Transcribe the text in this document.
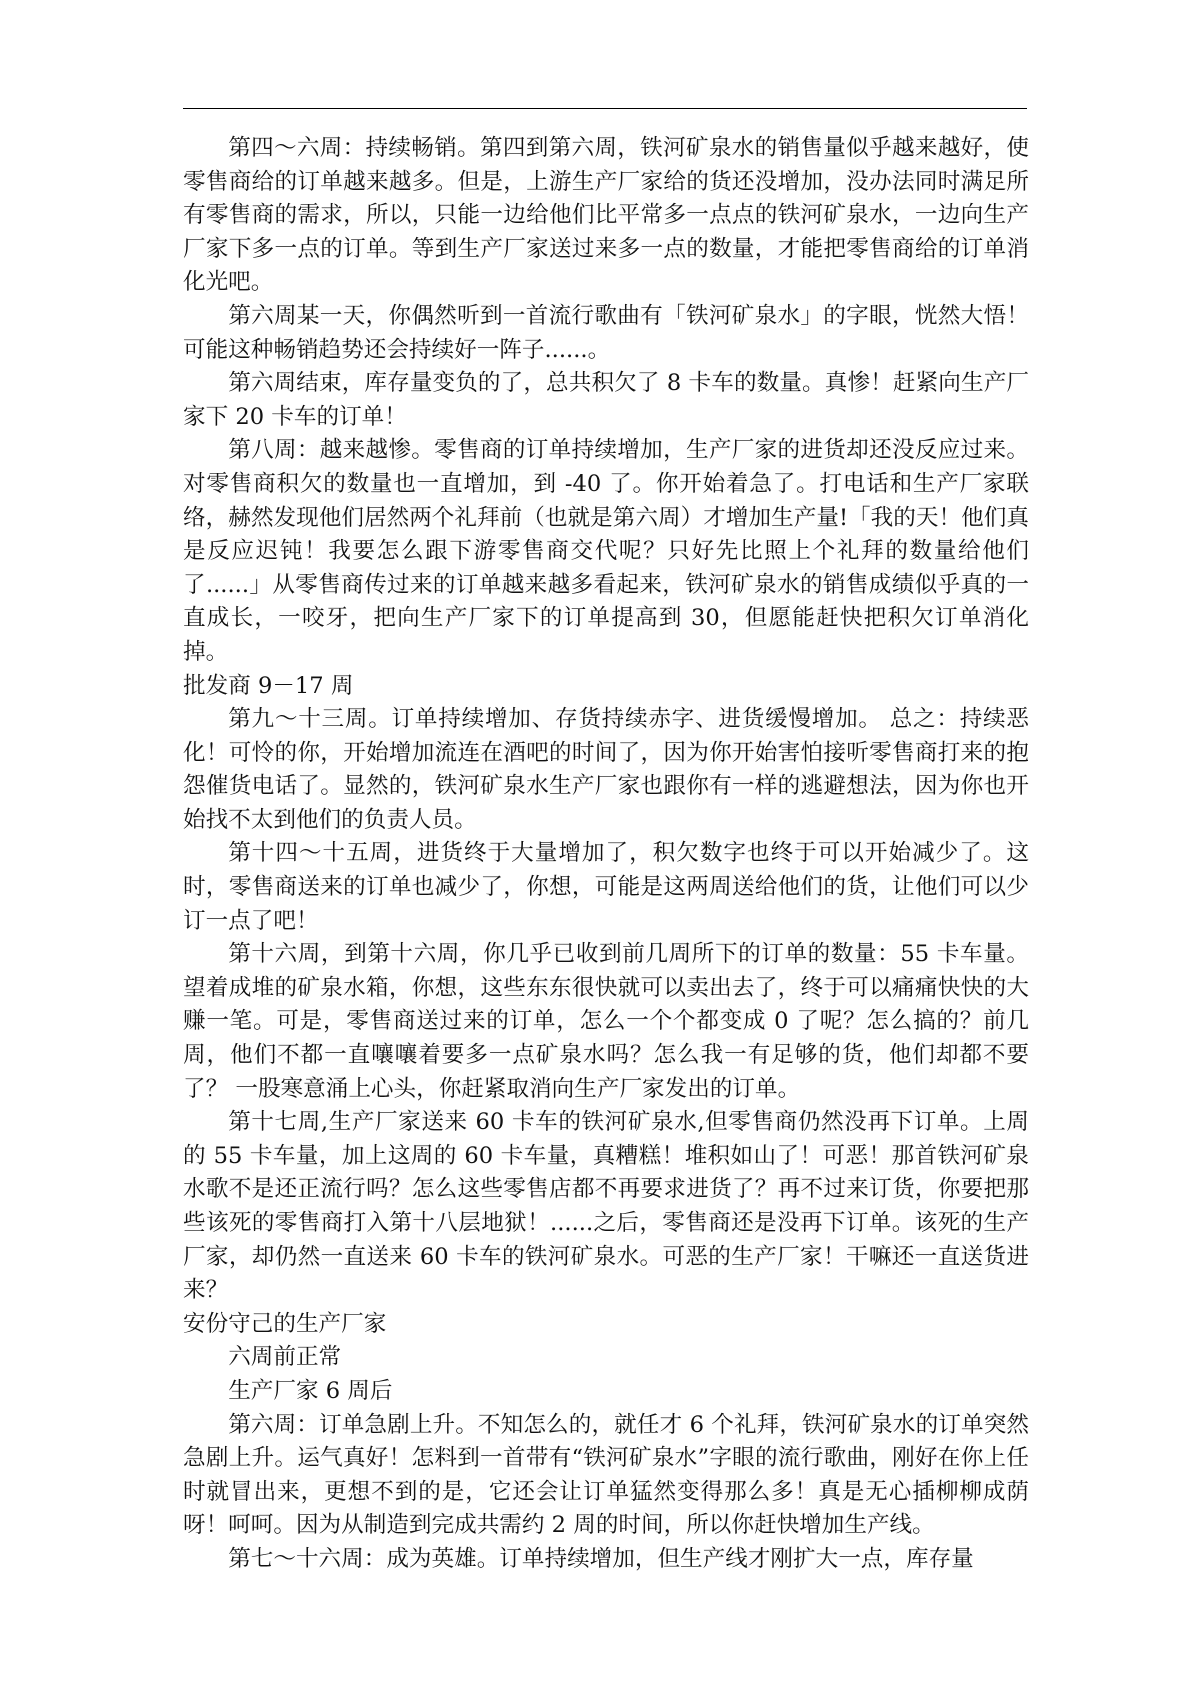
第四～六周：持续畅销。第四到第六周，铁河矿泉水的销售量似乎越来越好，使零售商给的订单越来越多。但是，上游生产厂家给的货还没增加，没办法同时满足所有零售商的需求，所以，只能一边给他们比平常多一点点的铁河矿泉水，一边向生产厂家下多一点的订单。等到生产厂家送过来多一点的数量，才能把零售商给的订单消化光吧。

第六周某一天，你偶然听到一首流行歌曲有「铁河矿泉水」的字眼，恍然大悟！可能这种畅销趋势还会持续好一阵子......。

第六周结束，库存量变负的了，总共积欠了 8 卡车的数量。真惨！赶紧向生产厂家下 20 卡车的订单！

第八周：越来越惨。零售商的订单持续增加，生产厂家的进货却还没反应过来。对零售商积欠的数量也一直增加，到 -40 了。你开始着急了。打电话和生产厂家联络，赫然发现他们居然两个礼拜前（也就是第六周）才增加生产量!「我的天！他们真是反应迟钝！我要怎么跟下游零售商交代呢？只好先比照上个礼拜的数量给他们了......」从零售商传过来的订单越来越多看起来，铁河矿泉水的销售成绩似乎真的一直成长，一咬牙，把向生产厂家下的订单提高到 30，但愿能赶快把积欠订单消化掉。

批发商 9－17 周

第九～十三周。订单持续增加、存货持续赤字、进货缓慢增加。 总之：持续恶化！可怜的你，开始增加流连在酒吧的时间了，因为你开始害怕接听零售商打来的抱怨催货电话了。显然的，铁河矿泉水生产厂家也跟你有一样的逃避想法，因为你也开始找不太到他们的负责人员。

第十四～十五周，进货终于大量增加了，积欠数字也终于可以开始减少了。这时，零售商送来的订单也减少了，你想，可能是这两周送给他们的货，让他们可以少订一点了吧！

第十六周，到第十六周，你几乎已收到前几周所下的订单的数量：55 卡车量。望着成堆的矿泉水箱，你想，这些东东很快就可以卖出去了，终于可以痛痛快快的大赚一笔。可是，零售商送过来的订单，怎么一个个都变成 0 了呢？怎么搞的？前几周，他们不都一直嚷嚷着要多一点矿泉水吗？怎么我一有足够的货，他们却都不要了？ 一股寒意涌上心头，你赶紧取消向生产厂家发出的订单。

第十七周,生产厂家送来 60 卡车的铁河矿泉水,但零售商仍然没再下订单。上周的 55 卡车量，加上这周的 60 卡车量，真糟糕！堆积如山了！可恶！那首铁河矿泉水歌不是还正流行吗？怎么这些零售店都不再要求进货了？再不过来订货，你要把那些该死的零售商打入第十八层地狱！......之后，零售商还是没再下订单。该死的生产厂家，却仍然一直送来 60 卡车的铁河矿泉水。可恶的生产厂家！干嘛还一直送货进来？

安份守己的生产厂家

六周前正常

生产厂家 6 周后

第六周：订单急剧上升。不知怎么的，就任才 6 个礼拜，铁河矿泉水的订单突然急剧上升。运气真好！怎料到一首带有“铁河矿泉水”字眼的流行歌曲，刚好在你上任时就冒出来，更想不到的是，它还会让订单猛然变得那么多！真是无心插柳柳成荫呀！呵呵。因为从制造到完成共需约 2 周的时间，所以你赶快增加生产线。

第七～十六周：成为英雄。订单持续增加，但生产线才刚扩大一点，库存量
